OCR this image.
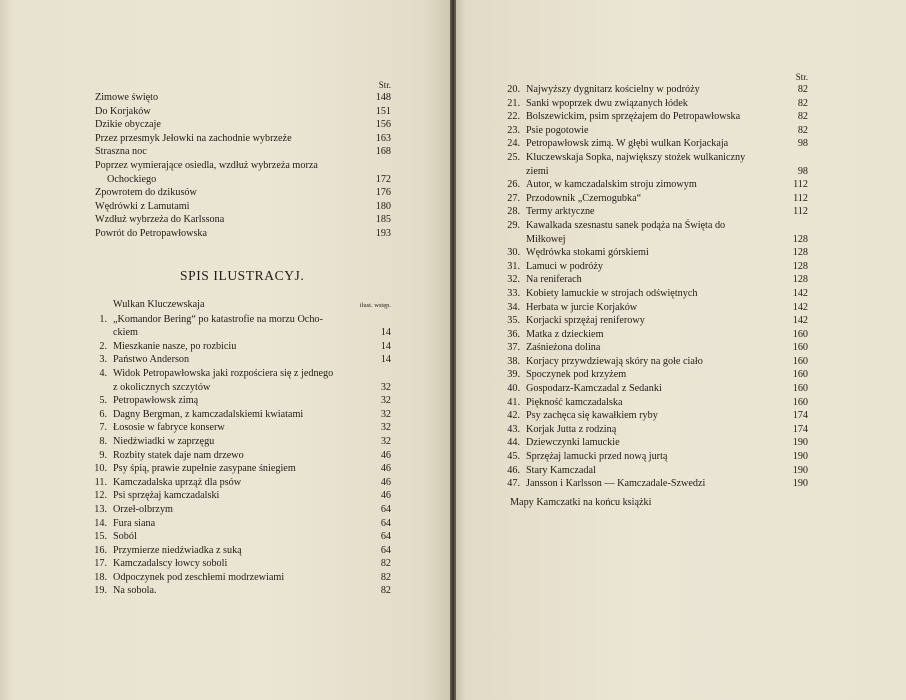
Str.
Zimowe święto	148
Do Korjaków	151
Dzikie obyczaje	156
Przez przesmyk Jełowki na zachodnie wybrzeże	163
Straszna noc	168
Poprzez wymierające osiedla, wzdłuż wybrzeża morza
Ochockiego	172
Zpowrotem do dzikusów	176
Wędrówki z Lamutami	180
Wzdłuż wybrzeża do Karlssona	185
Powrót do Petropawłowska	193
SPIS ILUSTRACYJ.
Wulkan Kluczewskaja	ilust. wstęp.
1. „Komandor Bering“ po katastrofie na morzu Ocho-
ckiem	14
2. Mieszkanie nasze, po rozbiciu	14
3. Państwo Anderson	14
4. Widok Petropawłowska jaki rozpościera się z jednego
z okolicznych szczytów	32
5. Petropawłowsk zimą	32
6. Dagny Bergman, z kamczadalskiemi kwiatami	32
7. Łososie w fabryce konserw	32
8. Niedźwiadki w zaprzęgu	32
9. Rozbity statek daje nam drzewo	46
10. Psy śpią, prawie zupełnie zasypane śniegiem	46
11. Kamczadalska uprząż dla psów	46
12. Psi sprzężaj kamczadalski	46
13. Orzeł-olbrzym	64
14. Fura siana	64
15. Soból	64
16. Przymierze niedźwiadka z suką	64
17. Kamczadalscy łowcy soboli	82
18. Odpoczynek pod zeschłemi modrzewiami	82
19. Na sobola.	82
Str.
20. Najwyższy dygnitarz kościelny w podróży	82
21. Sanki wpoprzek dwu związanych łódek	82
22. Bolszewickim, psim sprzężajem do Petropawłowska	82
23. Psie pogotowie	82
24. Petropawłowsk zimą. W głębi wulkan Korjackaja	98
25. Kluczewskaja Sopka, największy stożek wulkaniczny
ziemi	98
26. Autor, w kamczadalskim stroju zimowym	112
27. Przodownik „Czernogubka“	112
28. Termy arktyczne	112
29. Kawalkada szesnastu sanek podąża na Święta do
Miłkowej	128
30. Wędrówka stokami górskiemi	128
31. Lamuci w podróży	128
32. Na reniferach	128
33. Kobiety lamuckie w strojach odświętnych	142
34. Herbata w jurcie Korjaków	142
35. Korjacki sprzężaj reniferowy	142
36. Matka z dzieckiem	160
37. Zaśnieżona dolina	160
38. Korjacy przywdziewają skóry na gołe ciało	160
39. Spoczynek pod krzyżem	160
40. Gospodarz-Kamczadal z Sedanki	160
41. Piękność kamczadalska	160
42. Psy zachęca się kawałkiem ryby	174
43. Korjak Jutta z rodziną	174
44. Dziewczynki lamuckie	190
45. Sprzężaj lamucki przed nową jurtą	190
46. Stary Kamczadal	190
47. Jansson i Karlsson — Kamczadale-Szwedzi	190
Mapy Kamczatki na końcu książki
